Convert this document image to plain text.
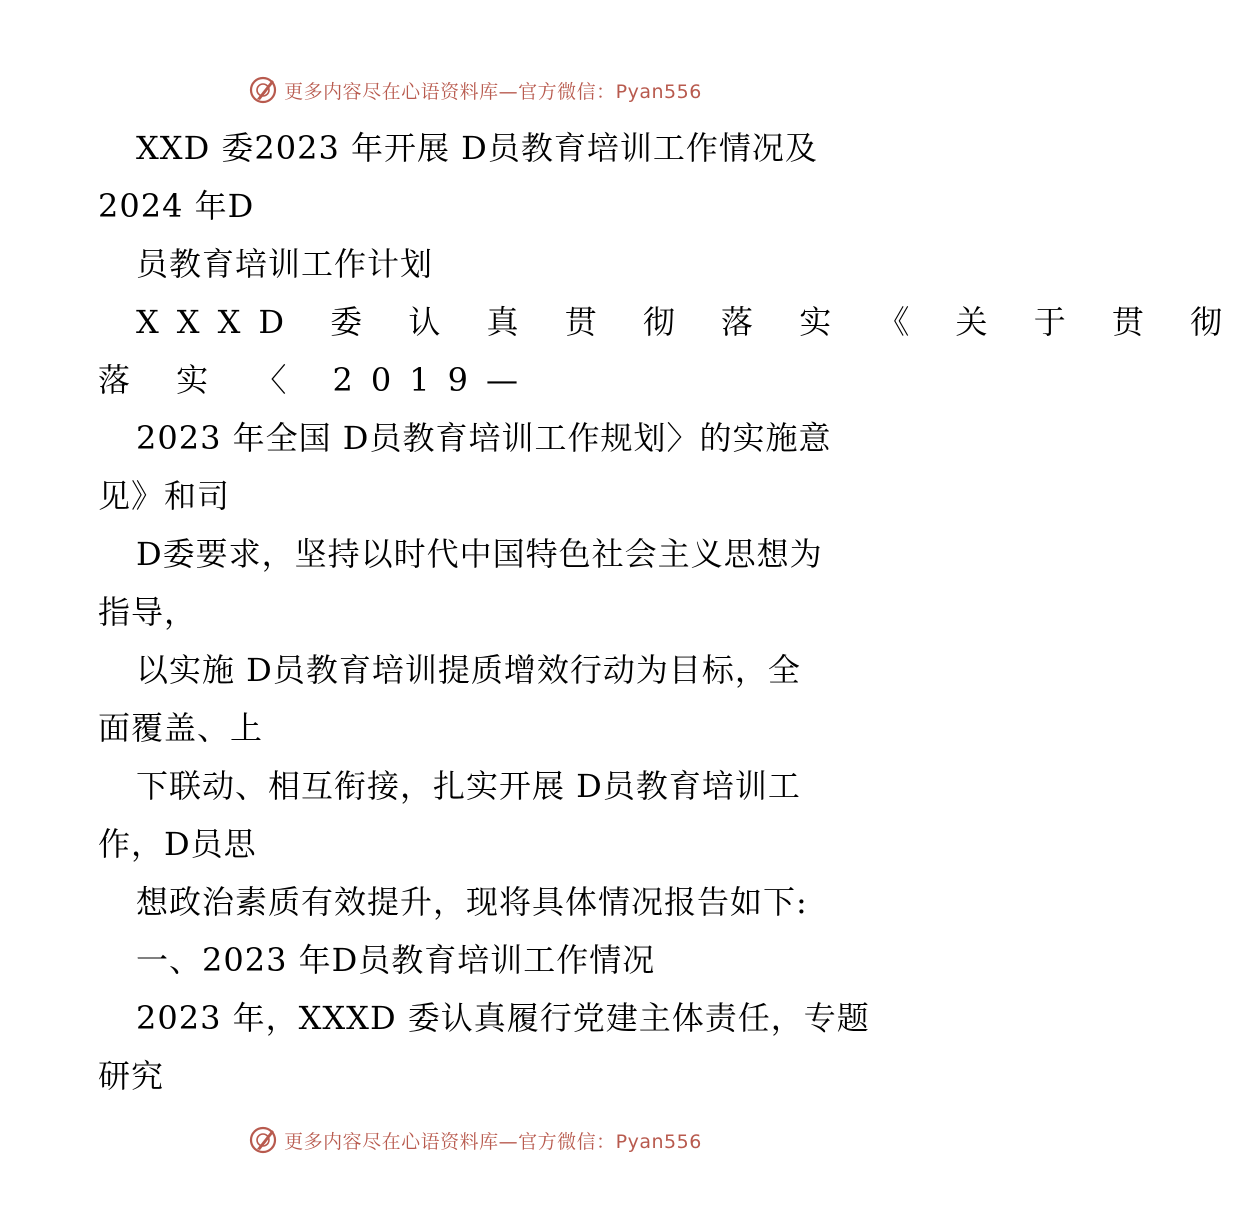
更多内容尽在心语资料库—官方微信：Pyan556
XXD 委2023 年开展 D员教育培训工作情况及
2024 年D
员教育培训工作计划
XXXD 委 认 真 贯 彻 落 实 《 关 于 贯 彻
落 实 〈 2019—
2023 年全国 D员教育培训工作规划〉的实施意
见》和司
D委要求，坚持以时代中国特色社会主义思想为
指导，
以实施 D员教育培训提质增效行动为目标，全
面覆盖、上
下联动、相互衔接，扎实开展 D员教育培训工
作，D员思
想政治素质有效提升，现将具体情况报告如下:
一、2023 年D员教育培训工作情况
2023 年，XXXD 委认真履行党建主体责任，专题
研究
更多内容尽在心语资料库—官方微信：Pyan556
